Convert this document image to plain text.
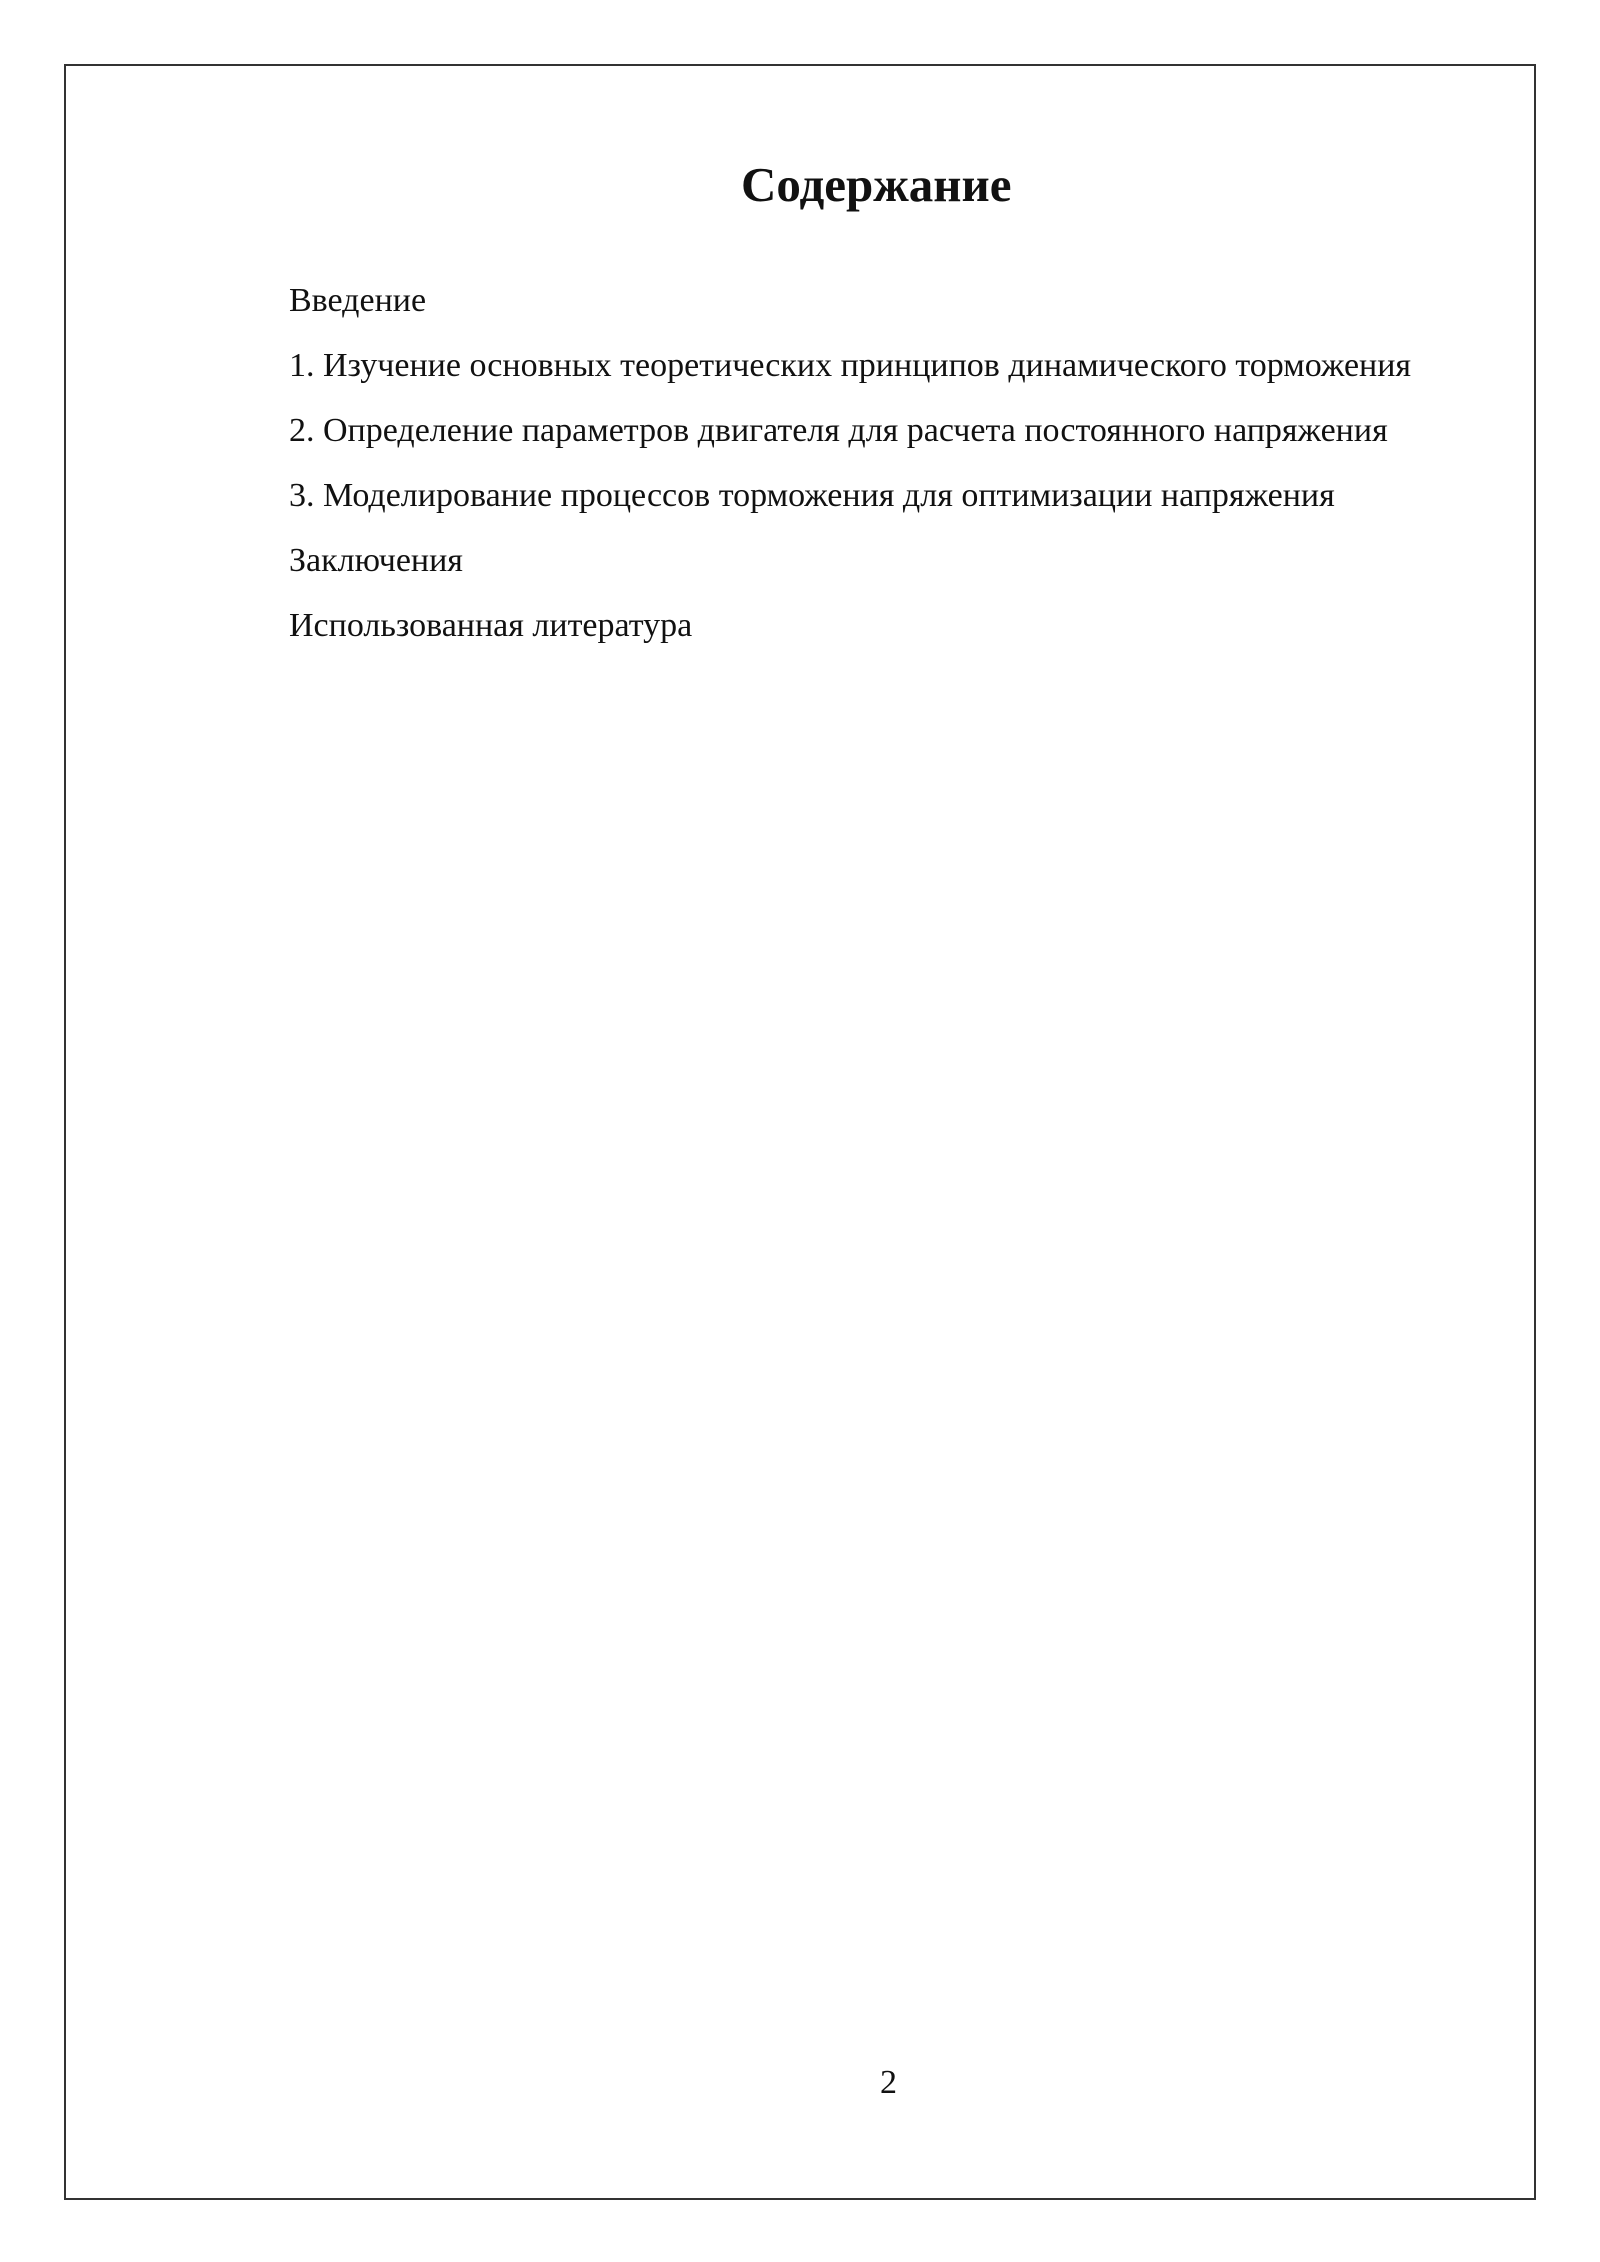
Содержание

Введение

1. Изучение основных теоретических принципов динамического торможения

2. Определение параметров двигателя для расчета постоянного напряжения

3. Моделирование процессов торможения для оптимизации напряжения

Заключения

Использованная литература

2
